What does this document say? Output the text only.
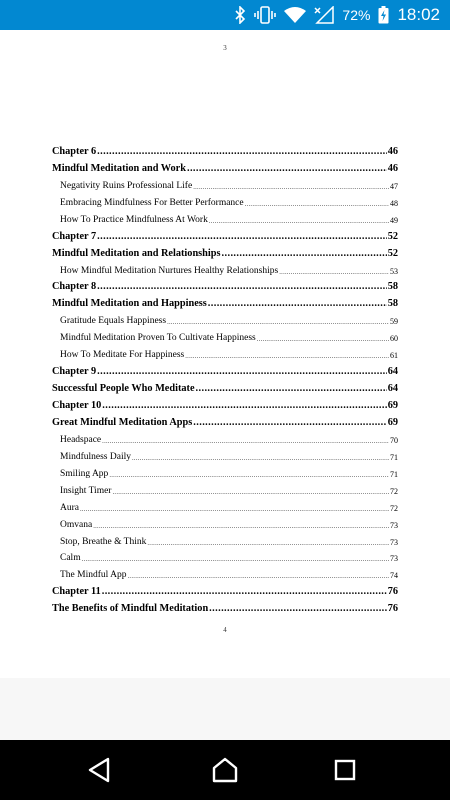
72% 18:02
3
Chapter 6 .....	46
Mindful Meditation and Work .....	46
Negativity Ruins Professional Life .....	47
Embracing Mindfulness For Better Performance .....	48
How To Practice Mindfulness At Work .....	49
Chapter 7 .....	52
Mindful Meditation and Relationships .....	52
How Mindful Meditation Nurtures Healthy Relationships .....	53
Chapter 8 .....	58
Mindful Meditation and Happiness .....	58
Gratitude Equals Happiness .....	59
Mindful Meditation Proven To Cultivate Happiness .....	60
How To Meditate For Happiness .....	61
Chapter 9 .....	64
Successful People Who Meditate .....	64
Chapter 10 .....	69
Great Mindful Meditation Apps .....	69
Headspace .....	70
Mindfulness Daily .....	71
Smiling App .....	71
Insight Timer .....	72
Aura .....	72
Omvana .....	73
Stop, Breathe & Think .....	73
Calm .....	73
The Mindful App .....	74
Chapter 11 .....	76
The Benefits of Mindful Meditation .....	76
4
